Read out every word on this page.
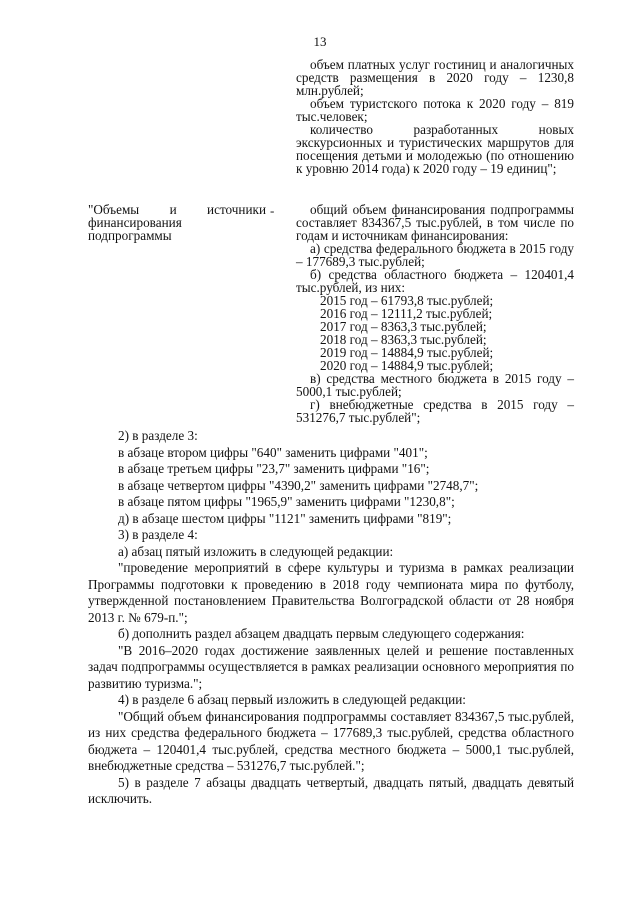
13

объем платных услуг гостиниц и аналогичных средств размещения в 2020 году – 1230,8 млн.рублей;

объем туристского потока к 2020 году – 819 тыс.человек;

количество разработанных новых экскурсионных и туристических маршрутов для посещения детьми и молодежью (по отношению к уровню 2014 года) к 2020 году – 19 единиц";

"Объемы и источники финансирования подпрограммы
-	общий объем финансирования подпрограммы составляет 834367,5 тыс.рублей, в том числе по годам и источникам финансирования:

а) средства федерального бюджета в 2015 году – 177689,3 тыс.рублей;

б) средства областного бюджета – 120401,4 тыс.рублей, из них:

2015 год – 61793,8 тыс.рублей;

2016 год – 12111,2 тыс.рублей;

2017 год – 8363,3 тыс.рублей;

2018 год – 8363,3 тыс.рублей;

2019 год – 14884,9 тыс.рублей;

2020 год – 14884,9 тыс.рублей;

в) средства местного бюджета в 2015 году – 5000,1 тыс.рублей;

г) внебюджетные средства в 2015 году – 531276,7 тыс.рублей";

2) в разделе 3:

в абзаце втором цифры "640" заменить цифрами "401";

в абзаце третьем цифры "23,7" заменить цифрами "16";

в абзаце четвертом цифры "4390,2" заменить цифрами "2748,7";

в абзаце пятом цифры "1965,9" заменить цифрами "1230,8";

д) в абзаце шестом цифры "1121" заменить цифрами "819";

3) в разделе 4:

а) абзац пятый изложить в следующей редакции:

"проведение мероприятий в сфере культуры и туризма в рамках реализации Программы подготовки к проведению в 2018 году чемпионата мира по футболу, утвержденной постановлением Правительства Волгоградской области от 28 ноября 2013 г. № 679-п.";

б) дополнить раздел абзацем двадцать первым следующего содержания:

"В 2016–2020 годах достижение заявленных целей и решение поставленных задач подпрограммы осуществляется в рамках реализации основного мероприятия по развитию туризма.";

4) в разделе 6 абзац первый изложить в следующей редакции:

"Общий объем финансирования подпрограммы составляет 834367,5 тыс.рублей, из них средства федерального бюджета – 177689,3 тыс.рублей, средства областного бюджета – 120401,4 тыс.рублей, средства местного бюджета – 5000,1 тыс.рублей, внебюджетные средства – 531276,7 тыс.рублей.";

5) в разделе 7 абзацы двадцать четвертый, двадцать пятый, двадцать девятый исключить.
